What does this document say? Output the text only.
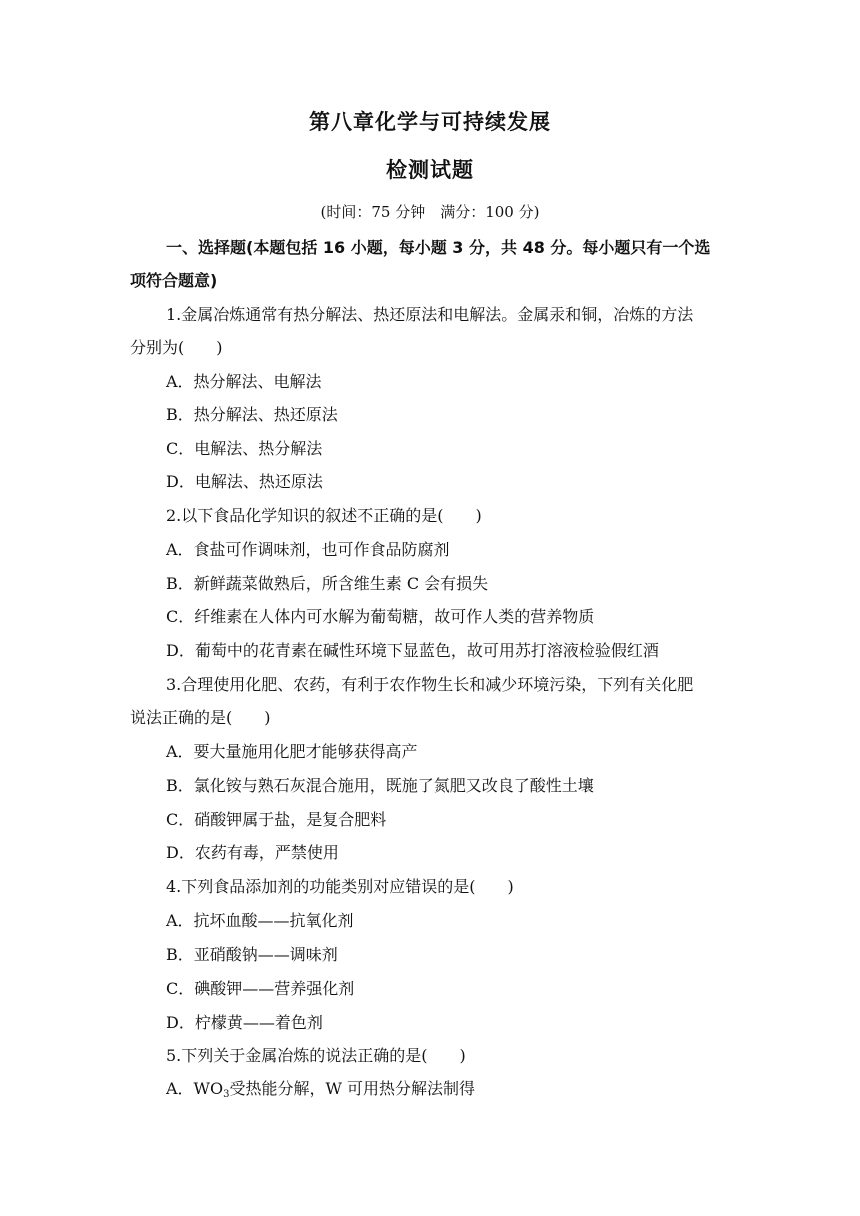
第八章化学与可持续发展
检测试题
(时间：75 分钟　满分：100 分)
一、选择题(本题包括 16 小题，每小题 3 分，共 48 分。每小题只有一个选
项符合题意)
1.金属冶炼通常有热分解法、热还原法和电解法。金属汞和铜，冶炼的方法
分别为(　　)
A．热分解法、电解法
B．热分解法、热还原法
C．电解法、热分解法
D．电解法、热还原法
2.以下食品化学知识的叙述不正确的是(　　)
A．食盐可作调味剂，也可作食品防腐剂
B．新鲜蔬菜做熟后，所含维生素 C 会有损失
C．纤维素在人体内可水解为葡萄糖，故可作人类的营养物质
D．葡萄中的花青素在碱性环境下显蓝色，故可用苏打溶液检验假红酒
3.合理使用化肥、农药，有利于农作物生长和减少环境污染，下列有关化肥
说法正确的是(　　)
A．要大量施用化肥才能够获得高产
B．氯化铵与熟石灰混合施用，既施了氮肥又改良了酸性土壤
C．硝酸钾属于盐，是复合肥料
D．农药有毒，严禁使用
4.下列食品添加剂的功能类别对应错误的是(　　)
A．抗坏血酸——抗氧化剂
B．亚硝酸钠——调味剂
C．碘酸钾——营养强化剂
D．柠檬黄——着色剂
5.下列关于金属冶炼的说法正确的是(　　)
A．$WO_3$受热能分解，W 可用热分解法制得
